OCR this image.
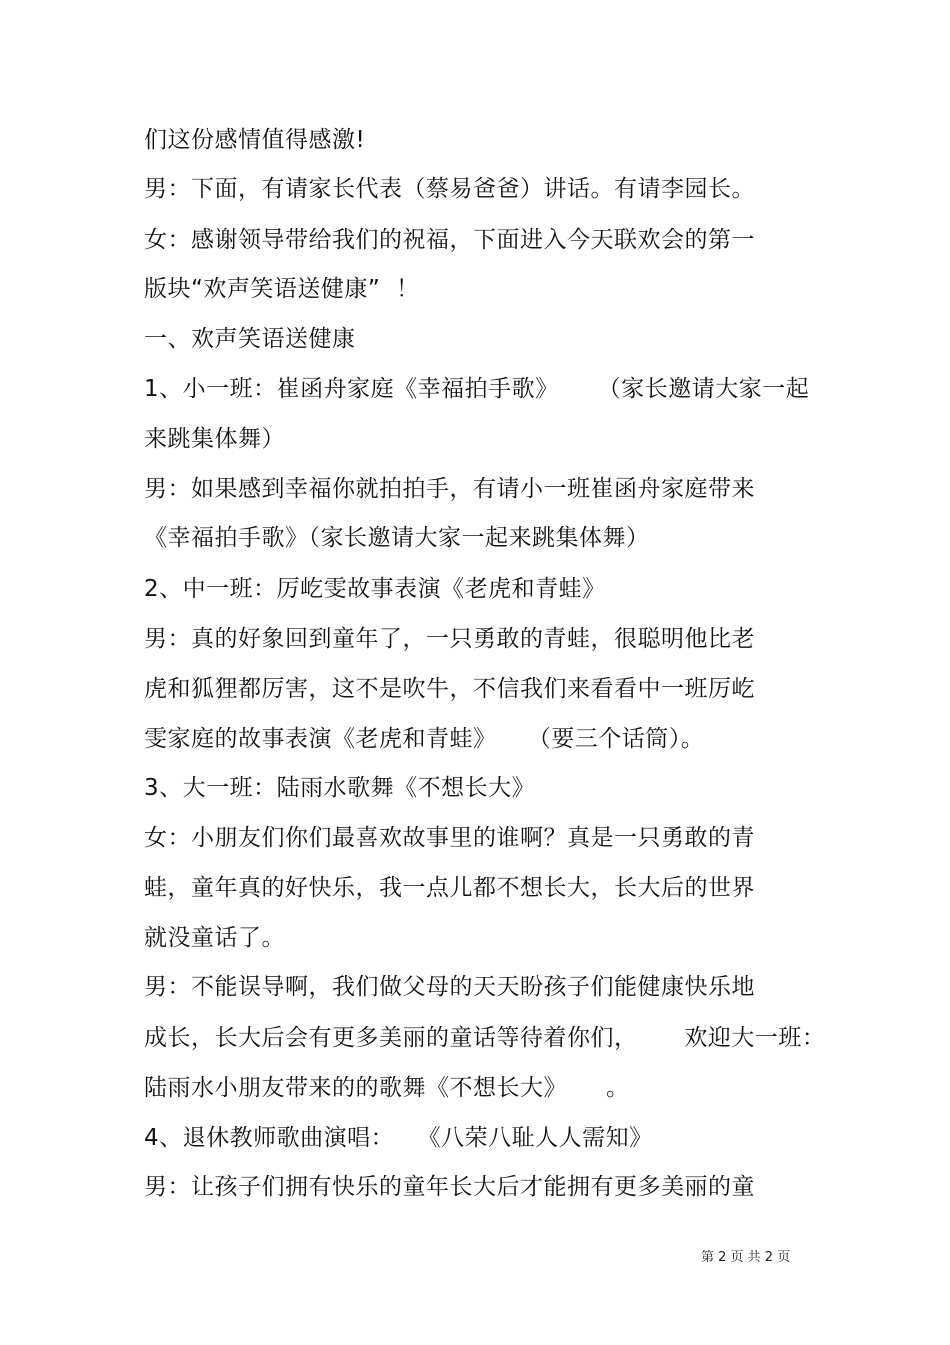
们这份感情值得感激!
男：下面，有请家长代表（蔡易爸爸）讲话。有请李园长。
女：感谢领导带给我们的祝福，下面进入今天联欢会的第一
版块“欢声笑语送健康”  ！
一、欢声笑语送健康
1、小一班：崔函舟家庭《幸福拍手歌》     （家长邀请大家一起
来跳集体舞）
男：如果感到幸福你就拍拍手，有请小一班崔函舟家庭带来
《幸福拍手歌》（家长邀请大家一起来跳集体舞）
2、中一班：厉屹雯故事表演《老虎和青蛙》
男：真的好象回到童年了，一只勇敢的青蛙，很聪明他比老
虎和狐狸都厉害，这不是吹牛，不信我们来看看中一班厉屹
雯家庭的故事表演《老虎和青蛙》    （要三个话筒）。
3、大一班：陆雨水歌舞《不想长大》
女：小朋友们你们最喜欢故事里的谁啊？真是一只勇敢的青
蛙，童年真的好快乐，我一点儿都不想长大，长大后的世界
就没童话了。
男：不能误导啊，我们做父母的天天盼孩子们能健康快乐地
成长，长大后会有更多美丽的童话等待着你们，      欢迎大一班：
陆雨水小朋友带来的的歌舞《不想长大》     。
4、退休教师歌曲演唱：   《八荣八耻人人需知》
男：让孩子们拥有快乐的童年长大后才能拥有更多美丽的童
第 2 页 共 2 页
